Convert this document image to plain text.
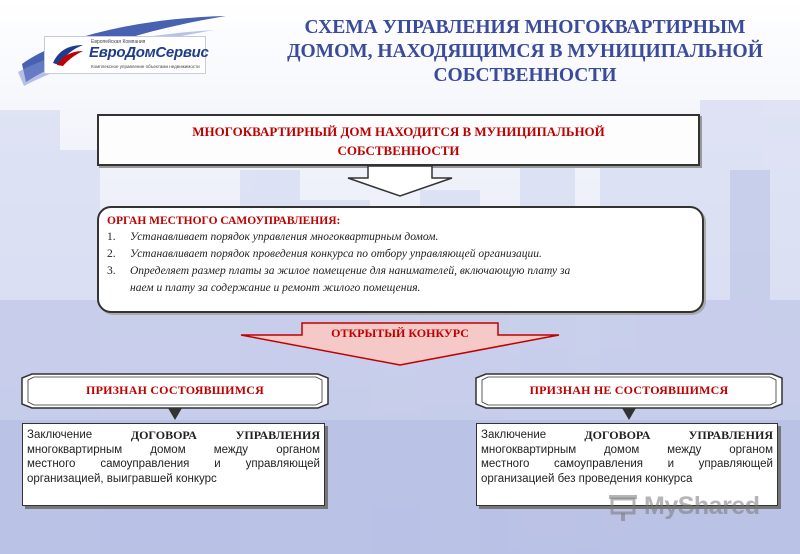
Европейская Компания
ЕвроДомСервис
Комплексное управление объектами недвижимости
СХЕМА УПРАВЛЕНИЯ МНОГОКВАРТИРНЫМ
ДОМОМ, НАХОДЯЩИМСЯ В МУНИЦИПАЛЬНОЙ
СОБСТВЕННОСТИ
МНОГОКВАРТИРНЫЙ ДОМ НАХОДИТСЯ В МУНИЦИПАЛЬНОЙ
СОБСТВЕННОСТИ
ОРГАН МЕСТНОГО САМОУПРАВЛЕНИЯ:
1. Устанавливает порядок управления многоквартирным домом.
2. Устанавливает порядок проведения конкурса по отбору управляющей организации.
3. Определяет размер платы за жилое помещение для нанимателей, включающую плату за
наем и плату за содержание и ремонт жилого помещения.
Заключение	ДОГОВОРА	УПРАВЛЕНИЯ
многоквартирным домом между органом
местного самоуправления и управляющей
организацией, выигравшей конкурс
Заключение	ДОГОВОРА	УПРАВЛЕНИЯ
многоквартирным домом между органом
местного самоуправления и управляющей
организацией без проведения конкурса
MyShared
ОТКРЫТЫЙ КОНКУРС
ПРИЗНАН СОСТОЯВШИМСЯ	ПРИЗНАН НЕ СОСТОЯВШИМСЯ
